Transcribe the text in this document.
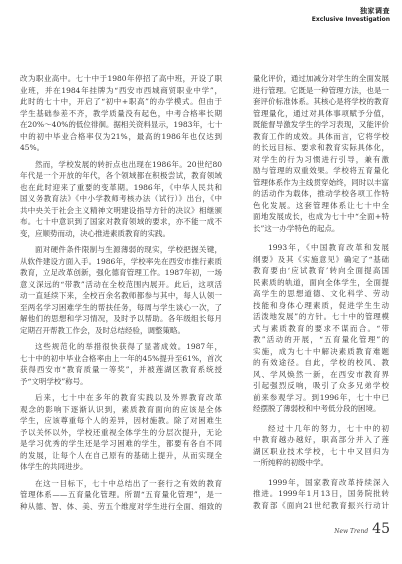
独家调查
Exclusive Investigation
改为职业高中。七十中于1980年停招了高中班，开设了职
业班，并在1984年挂牌为“西安市西城商贸职业中学”，
此时的七十中，开启了“初中+职高”的办学模式。但由于
学生基础参差不齐，教学质量没有起色，中考合格率长期
在20%～40%的低位徘徊。据相关资料显示，1983年，七十
中的初中毕业合格率仅为21%，最高的1986年也仅达到
45%。
然而，学校发展的转折点也出现在1986年。20世纪80
年代是一个开放的年代，各个领域都在积极尝试，教育领域
也在此时迎来了重要的变革期。1986年，《中华人民共和
国义务教育法》《中小学教师考核办法（试行）》出台，《中
共中央关于社会主义精神文明建设指导方针的决议》相继颁
布。七十中意识到了国家对教育领域的要求，亦不能一成不
变，应顺势而动，决心推进素质教育的实践。
面对硬件条件限制与生源薄弱的现实，学校把握关键，
从软件建设方面入手。1986年，学校率先在西安市推行素质
教育，立足改革创新，强化德育管理工作。1987年初，一场
意义深远的“带教”活动在全校范围内展开。此后，这项活
动一直延续下来，全校百余名教师都参与其中，每人认领一
至两名学习困难学生的帮扶任务，每周与学生谈心一次，了
解他们的思想和学习情况，及时予以帮助。各年级组长每月
定期召开帮教工作会，及时总结经验，调整策略。
这些规范化的举措很快获得了显著成效。1987年，
七十中的初中毕业合格率由上一年的45%提升至61%，首次
获得西安市“教育质量一等奖”，并被莲湖区教育系统授
予“文明学校”称号。
后来，七十中在多年的教育实践以及外界教育改革
观念的影响下逐渐认识到，素质教育面向的应该是全体
学生，应该尊重每个人的差异，因材施教。除了对困难生
予以关怀以外，学校还重视全体学生的分层次提升，无论
是学习优秀的学生还是学习困难的学生，都要有各自不同
的发展，让每个人在自己原有的基础上提升，从而实现全
体学生的共同进步。
在这一目标下，七十中总结出了一套行之有效的教育
管理体系——五育量化管理。所谓“五育量化管理”，是一
种从德、智、体、美、劳五个维度对学生进行全面、细致的
量化评价，通过加减分对学生的全面发展
进行管理。它既是一种管理方法，也是一
套评价标准体系。其核心是将学校的教育
管理量化，通过对具体事项赋予分值，
既能督导激发学生的学习表现，又能评价
教育工作的成效。具体而言，它将学校
的长远目标、要求和教育实际具体化，
对学生的行为习惯进行引导，兼有激
励与管理的双重效果。学校将五育量化
管理体系作为主线贯穿始终，同时以丰富
的活动作为载体，推动学校各项工作特
色化发展。这套管理体系让七十中全
面地发展成长，也成为七十中“全面+特
长”这一办学特色的起点。
1993年，《中国教育改革和发展
纲要》及其《实施意见》确定了“基础
教育要由‘应试教育’转向全面提高国
民素质的轨道，面向全体学生，全面提
高学生的思想道德、文化科学、劳动
技能和身体心理素质，促进学生生动
活泼地发展”的方针。七十中的管理模
式与素质教育的要求不谋而合。“带
教”活动的开展，“五育量化管理”的
实施，成为七十中解决素质教育难题
的有效途径。自此，学校的校风、教
风、学风焕然一新，在西安市教育界
引起强烈反响，吸引了众多兄弟学校
前来参观学习。到1996年，七十中已
经摆脱了薄弱校和中考低分段的困境。
经过十几年的努力，七十中的初
中教育越办越好，职高部分并入了莲
湖区职业技术学校，七十中又回归为
一所纯粹的初级中学。
1999年，国家教育改革持续深入
推进。1999年1月13日，国务院批转
教育部《面向21世纪教育振兴行动计
New Trend 45
